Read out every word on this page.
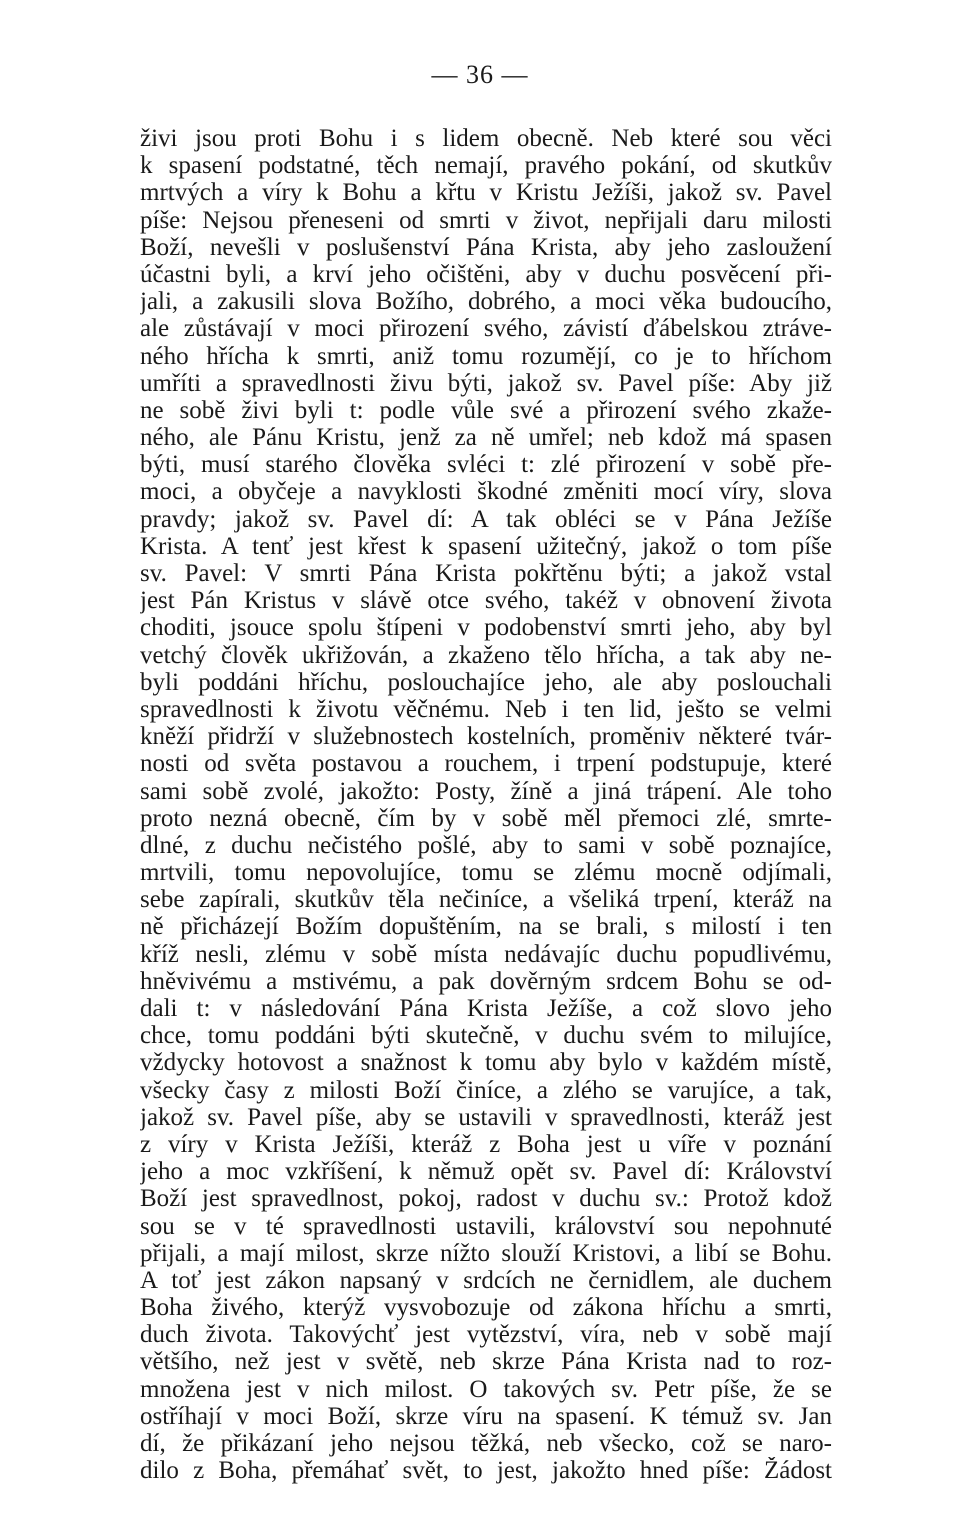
— 36 —
živi jsou proti Bohu i s lidem obecně. Neb které sou věci
k spasení podstatné, těch nemají, pravého pokání, od skutkův
mrtvých a víry k Bohu a křtu v Kristu Ježíši, jakož sv. Pavel
píše: Nejsou přeneseni od smrti v život, nepřijali daru milosti
Boží, nevešli v poslušenství Pána Krista, aby jeho zasloužení
účastni byli, a krví jeho očištěni, aby v duchu posvěcení při-
jali, a zakusili slova Božího, dobrého, a moci věka budoucího,
ale zůstávají v moci přirození svého, závistí ďábelskou ztráve-
ného hřícha k smrti, aniž tomu rozumějí, co je to hříchom
umříti a spravedlnosti živu býti, jakož sv. Pavel píše: Aby již
ne sobě živi byli t: podle vůle své a přirození svého zkaže-
ného, ale Pánu Kristu, jenž za ně umřel; neb kdož má spasen
býti, musí starého člověka svléci t: zlé přirození v sobě pře-
moci, a obyčeje a navyklosti škodné změniti mocí víry, slova
pravdy; jakož sv. Pavel dí: A tak obléci se v Pána Ježíše
Krista. A tenť jest křest k spasení užitečný, jakož o tom píše
sv. Pavel: V smrti Pána Krista pokřtěnu býti; a jakož vstal
jest Pán Kristus v slávě otce svého, takéž v obnovení života
choditi, jsouce spolu štípeni v podobenství smrti jeho, aby byl
vetchý člověk ukřižován, a zkaženo tělo hřícha, a tak aby ne-
byli poddáni hříchu, poslouchajíce jeho, ale aby poslouchali
spravedlnosti k životu věčnému. Neb i ten lid, ješto se velmi
kněží přidrží v služebnostech kostelních, proměniv některé tvár-
nosti od světa postavou a rouchem, i trpení podstupuje, které
sami sobě zvolé, jakožto: Posty, žíně a jiná trápení. Ale toho
proto nezná obecně, čím by v sobě měl přemoci zlé, smrte-
dlné, z duchu nečistého pošlé, aby to sami v sobě poznajíce,
mrtvili, tomu nepovolujíce, tomu se zlému mocně odjímali,
sebe zapírali, skutkův těla nečiníce, a všeliká trpení, kteráž na
ně přicházejí Božím dopuštěním, na se brali, s milostí i ten
kříž nesli, zlému v sobě místa nedávajíc duchu popudlivému,
hněvivému a mstivému, a pak dověrným srdcem Bohu se od-
dali t: v následování Pána Krista Ježíše, a což slovo jeho
chce, tomu poddáni býti skutečně, v duchu svém to milujíce,
vždycky hotovost a snažnost k tomu aby bylo v každém místě,
všecky časy z milosti Boží činíce, a zlého se varujíce, a tak,
jakož sv. Pavel píše, aby se ustavili v spravedlnosti, kteráž jest
z víry v Krista Ježíši, kteráž z Boha jest u víře v poznání
jeho a moc vzkříšení, k němuž opět sv. Pavel dí: Království
Boží jest spravedlnost, pokoj, radost v duchu sv.: Protož kdož
sou se v té spravedlnosti ustavili, království sou nepohnuté
přijali, a mají milost, skrze nížto slouží Kristovi, a libí se Bohu.
A toť jest zákon napsaný v srdcích ne černidlem, ale duchem
Boha živého, kterýž vysvobozuje od zákona hříchu a smrti,
duch života. Takovýchť jest vytězství, víra, neb v sobě mají
většího, než jest v světě, neb skrze Pána Krista nad to roz-
množena jest v nich milost. O takových sv. Petr píše, že se
ostříhají v moci Boží, skrze víru na spasení. K témuž sv. Jan
dí, že přikázaní jeho nejsou těžká, neb všecko, což se naro-
dilo z Boha, přemáhať svět, to jest, jakožto hned píše: Žádost
